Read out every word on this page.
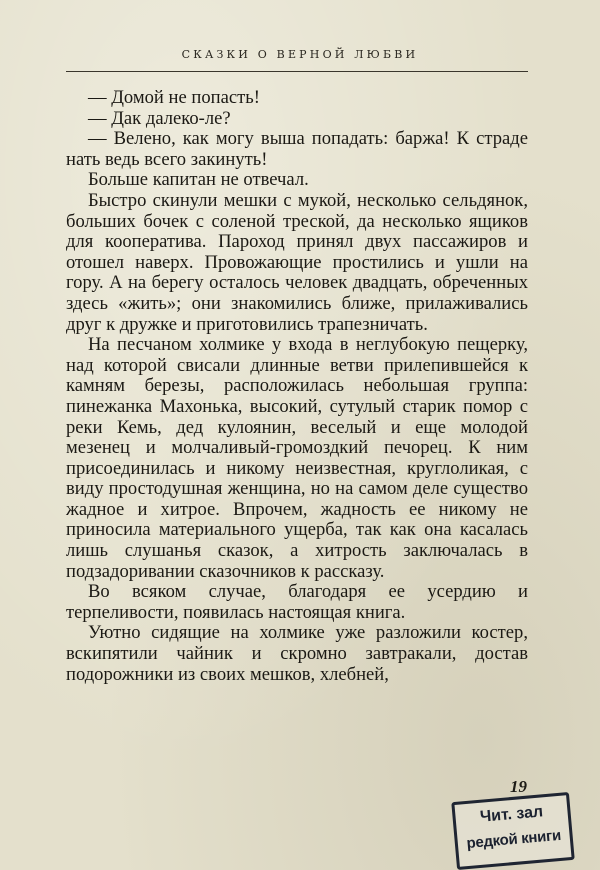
СКАЗКИ О ВЕРНОЙ ЛЮБВИ

— Домой не попасть!

— Дак далеко-ле?

— Велено, как могу выша попадать: баржа! К страде нать ведь всего закинуть!

Больше капитан не отвечал.

Быстро скинули мешки с мукой, несколько сельдянок, больших бочек с соленой треской, да несколько ящиков для кооператива. Пароход принял двух пассажиров и отошел наверх. Провожающие простились и ушли на гору. А на берегу осталось человек двадцать, обреченных здесь «жить»; они знакомились ближе, прилаживались друг к дружке и приготовились трапезничать.

На песчаном холмике у входа в неглубокую пещерку, над которой свисали длинные ветви прилепившейся к камням березы, расположилась небольшая группа: пинежанка Махонька, высокий, сутулый старик помор с реки Кемь, дед кулоянин, веселый и еще молодой мезенец и молчаливый-громоздкий печорец. К ним присоединилась и никому неизвестная, круглоликая, с виду простодушная женщина, но на самом деле существо жадное и хитрое. Впрочем, жадность ее никому не приносила материального ущерба, так как она касалась лишь слушанья сказок, а хитрость заключалась в подзадоривании сказочников к рассказу.

Во всяком случае, благодаря ее усердию и терпеливости, появилась настоящая книга.

Уютно сидящие на холмике уже разложили костер, вскипятили чайник и скромно завтракали, достав подорожники из своих мешков, хлебней,

19
Чит. зал
редкой книги
